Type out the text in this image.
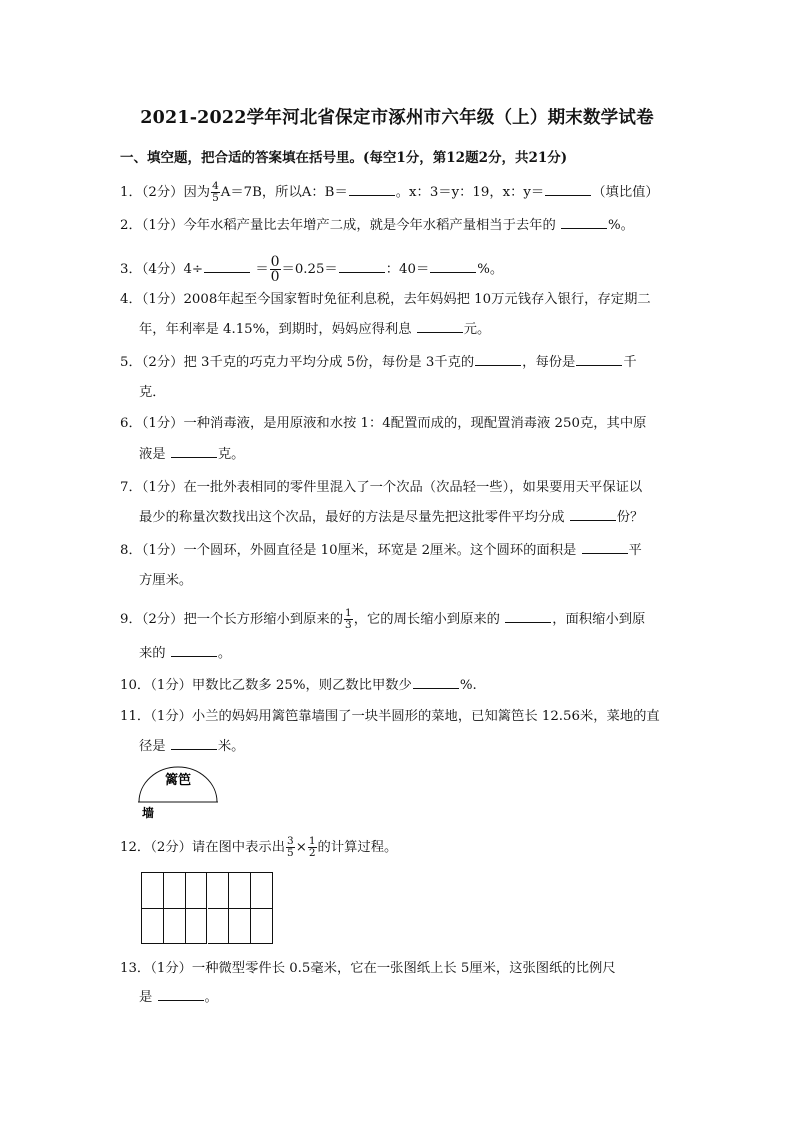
2021-2022学年河北省保定市涿州市六年级（上）期末数学试卷
一、填空题，把合适的答案填在括号里。(每空1分，第12题2分，共21分)
1．（2分）因为 $\frac{4}{5} A=7B$，所以A：B＝	。x：3＝y：19，x：y＝	（填比值）
2．（1分）今年水稻产量比去年增产二成，就是今年水稻产量相当于去年的	%。
3．（4分）4÷	＝ $\frac{0}{0} =0.25=$	：40＝	%。
4．（1分）2008年起至今国家暂时免征利息税，去年妈妈把 10万元钱存入银行，存定期二
年，年利率是 4.15%，到期时，妈妈应得利息	元。
5．（2分）把 3千克的巧克力平均分成 5份，每份是 3千克的	，每份是	千
克．
6．（1分）一种消毒液，是用原液和水按 1：4配置而成的，现配置消毒液 250克，其中原
液是	克。
7．（1分）在一批外表相同的零件里混入了一个次品（次品轻一些），如果要用天平保证以
最少的称量次数找出这个次品，最好的方法是尽量先把这批零件平均分成	份？
8．（1分）一个圆环，外圆直径是 10厘米，环宽是 2厘米。这个圆环的面积是	平
方厘米。
9．（2分）把一个长方形缩小到原来的 $\frac{1}{3}$ ，它的周长缩小到原来的	，面积缩小到原
来的	。
10．（1分）甲数比乙数多 25%，则乙数比甲数少	%.
11．（1分）小兰的妈妈用篱笆靠墙围了一块半圆形的菜地，已知篱笆长 12.56米，菜地的直
径是	米。
篱笆
墙
12．（2分）请在图中表示出 $\frac{3}{5} \times \frac{1}{2}$ 的计算过程。
13．（1分）一种微型零件长 0.5毫米，它在一张图纸上长 5厘米，这张图纸的比例尺
是	。
